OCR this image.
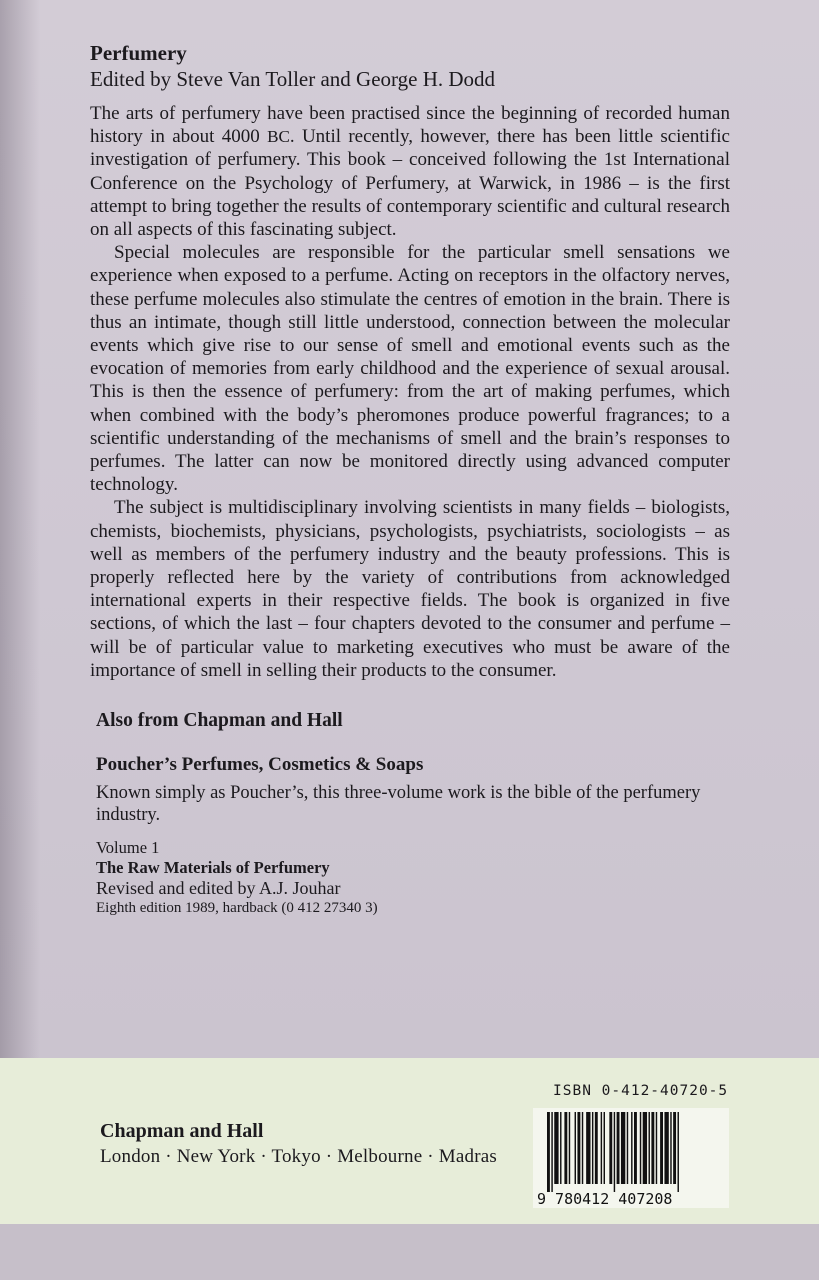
Perfumery

Edited by Steve Van Toller and George H. Dodd

The arts of perfumery have been practised since the beginning of recorded human history in about 4000 BC. Until recently, however, there has been little scientific investigation of perfumery. This book – conceived following the 1st International Conference on the Psychology of Perfumery, at Warwick, in 1986 – is the first attempt to bring together the results of contemporary scientific and cultural research on all aspects of this fascinating subject.

Special molecules are responsible for the particular smell sensations we experience when exposed to a perfume. Acting on receptors in the olfactory nerves, these perfume molecules also stimulate the centres of emotion in the brain. There is thus an intimate, though still little understood, connection between the molecular events which give rise to our sense of smell and emotional events such as the evocation of memories from early childhood and the experience of sexual arousal. This is then the essence of perfumery: from the art of making perfumes, which when combined with the body’s pheromones produce powerful fragrances; to a scientific understanding of the mechanisms of smell and the brain’s responses to perfumes. The latter can now be monitored directly using advanced computer technology.

The subject is multidisciplinary involving scientists in many fields – biologists, chemists, biochemists, physicians, psychologists, psychiatrists, sociologists – as well as members of the perfumery industry and the beauty professions. This is properly reflected here by the variety of contributions from acknowledged international experts in their respective fields. The book is organized in five sections, of which the last – four chapters devoted to the consumer and perfume – will be of particular value to marketing executives who must be aware of the importance of smell in selling their products to the consumer.

Also from Chapman and Hall

Poucher’s Perfumes, Cosmetics & Soaps

Known simply as Poucher’s, this three-volume work is the bible of the perfumery industry.

Volume 1

The Raw Materials of Perfumery

Revised and edited by A.J. Jouhar

Eighth edition 1989, hardback (0 412 27340 3)

Chapman and Hall

London · New York · Tokyo · Melbourne · Madras

ISBN 0-412-40720-5
9 780412 407208
